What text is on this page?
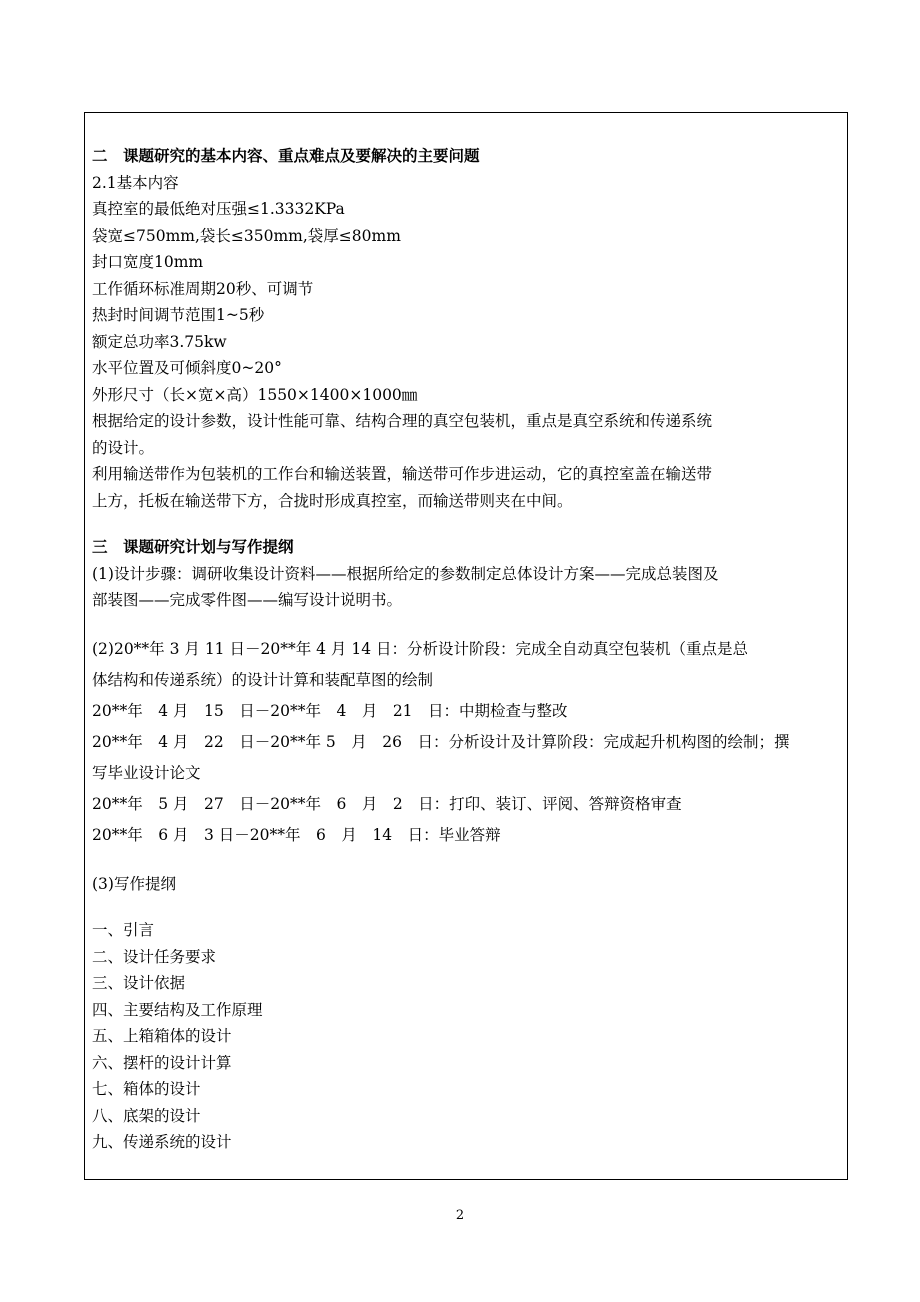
二　课题研究的基本内容、重点难点及要解决的主要问题
2.1基本内容
真控室的最低绝对压强≤1.3332KPa
袋宽≤750mm,袋长≤350mm,袋厚≤80mm
封口宽度10mm
工作循环标准周期20秒、可调节
热封时间调节范围1~5秒
额定总功率3.75kw
水平位置及可倾斜度0~20°
外形尺寸（长×宽×高）1550×1400×1000㎜
根据给定的设计参数，设计性能可靠、结构合理的真空包装机，重点是真空系统和传递系统
的设计。
利用输送带作为包装机的工作台和输送装置，输送带可作步进运动，它的真控室盖在输送带
上方，托板在输送带下方，合拢时形成真控室，而输送带则夹在中间。
三　课题研究计划与写作提纲
(1)设计步骤：调研收集设计资料——根据所给定的参数制定总体设计方案——完成总装图及
部装图——完成零件图——编写设计说明书。
(2)20**年 3 月 11 日－20**年 4 月 14 日：分析设计阶段：完成全自动真空包装机（重点是总
体结构和传递系统）的设计计算和装配草图的绘制
20**年　4 月　15　日－20**年　4　月　21　日：中期检查与整改
20**年　4 月　22　日－20**年 5　月　26　日：分析设计及计算阶段：完成起升机构图的绘制；撰
写毕业设计论文
20**年　5 月　27　日－20**年　6　月　2　日：打印、装订、评阅、答辩资格审查
20**年　6 月　3 日－20**年　6　月　14　日：毕业答辩
(3)写作提纲
一、引言
二、设计任务要求
三、设计依据
四、主要结构及工作原理
五、上箱箱体的设计
六、摆杆的设计计算
七、箱体的设计
八、底架的设计
九、传递系统的设计
2
